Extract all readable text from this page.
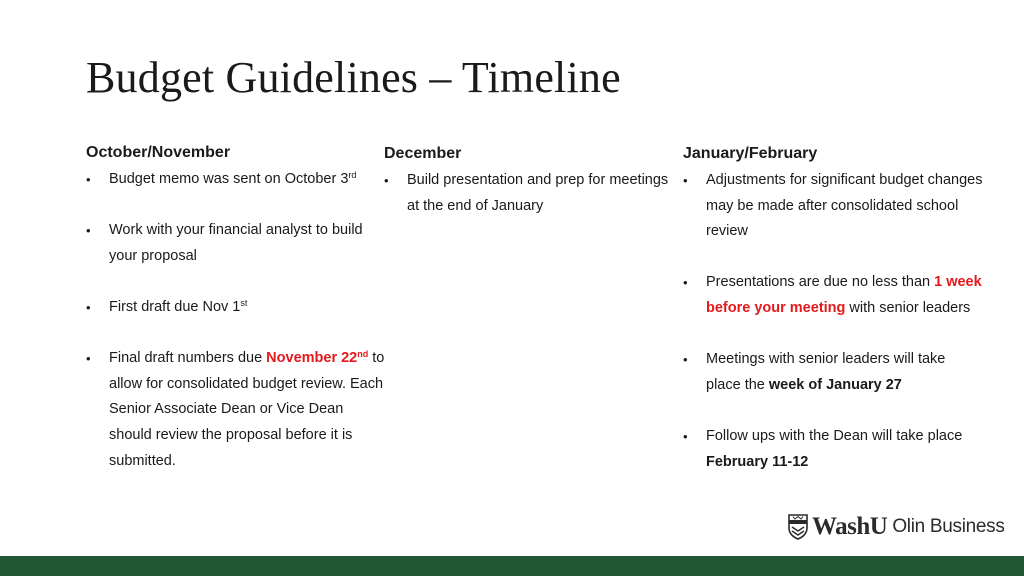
Budget Guidelines – Timeline
October/November
• Budget memo was sent on October 3rd
• Work with your financial analyst to build your proposal
• First draft due Nov 1st
• Final draft numbers due November 22nd to allow for consolidated budget review. Each Senior Associate Dean or Vice Dean should review the proposal before it is submitted.
December
• Build presentation and prep for meetings at the end of January
January/February
• Adjustments for significant budget changes may be made after consolidated school review
• Presentations are due no less than 1 week before your meeting with senior leaders
• Meetings with senior leaders will take place the week of January 27
• Follow ups with the Dean will take place February 11-12
WashU Olin Business
